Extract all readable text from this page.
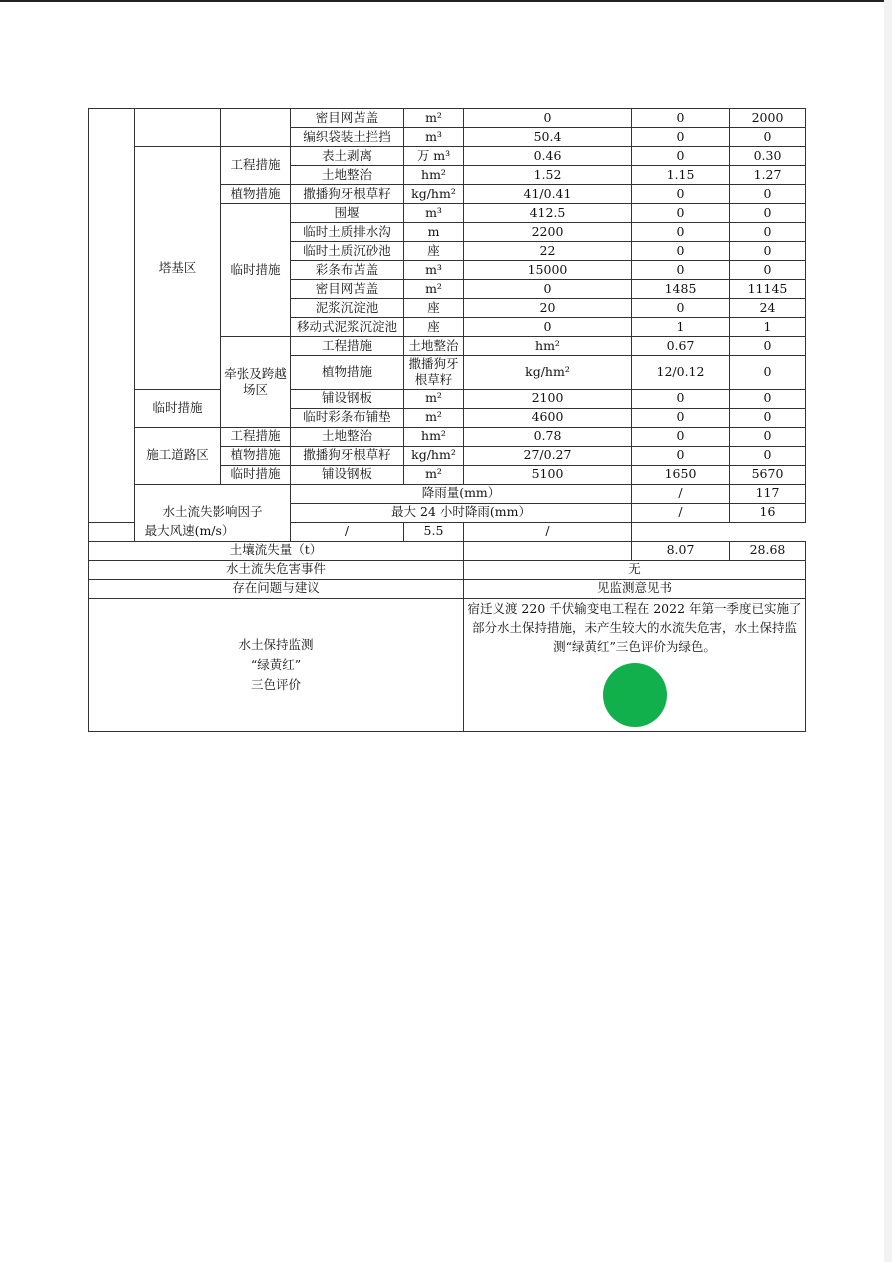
			密目网苫盖	m²	0	0	2000	
			编织袋装土拦挡	m³	50.4	0	0	
	塔基区	工程措施	表土剥离	万 m³	0.46	0	0.30	
			土地整治	hm²	1.52	1.15	1.27	
		植物措施	撒播狗牙根草籽	kg/hm²	41/0.41	0	0	
		临时措施	围堰	m³	412.5	0	0	
			临时土质排水沟	m	2200	0	0	
			临时土质沉砂池	座	22	0	0	
			彩条布苫盖	m³	15000	0	0	
			密目网苫盖	m²	0	1485	11145	
			泥浆沉淀池	座	20	0	24	
			移动式泥浆沉淀池	座	0	1	1	
		牵张及跨越场区	工程措施	土地整治	hm²	0.67	0	
			植物措施	撒播狗牙根草籽	kg/hm²	12/0.12	0	
	临时措施		铺设钢板	m²	2100	0	0	
			临时彩条布铺垫	m²	4600	0	0	
	施工道路区	工程措施	土地整治	hm²	0.78	0	0	
		植物措施	撒播狗牙根草籽	kg/hm²	27/0.27	0	0	
		临时措施	铺设钢板	m²	5100	1650	5670	
	水土流失影响因子		降雨量(mm）			/	117	
			最大 24 小时降雨(mm）			/	16	
最大风速(m/s）			/	5.5	/			
土壤流失量（t）						8.07	28.68	
水土流失危害事件					无			
存在问题与建议					见监测意见书			

水土保持监测
“绿黄红”
三色评价					宿迁义渡 220 千伏输变电工程在 2022 年第一季度已实施了部分水土保持措施，未产生较大的水流失危害，水土保持监测“绿黄红”三色评价为绿色。			
